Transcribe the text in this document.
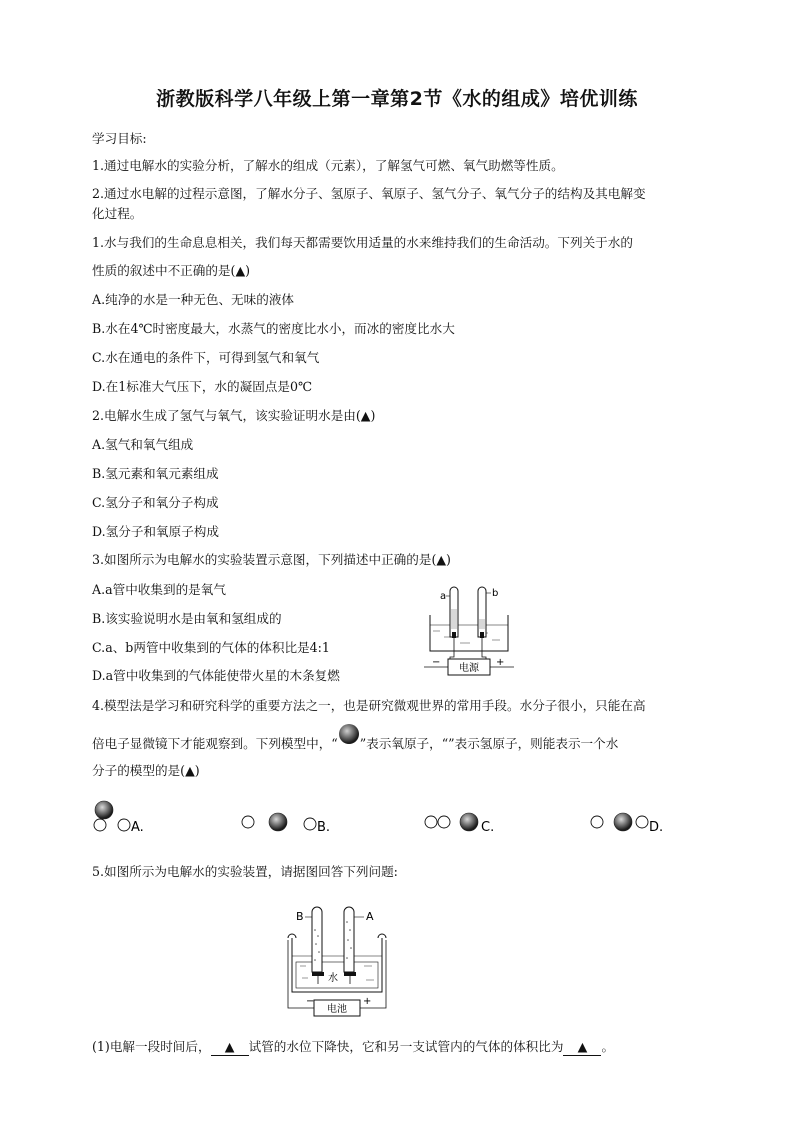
浙教版科学八年级上第一章第2节《水的组成》培优训练
学习目标:
1.通过电解水的实验分析，了解水的组成（元素），了解氢气可燃、氧气助燃等性质。
2.通过水电解的过程示意图，了解水分子、氢原子、氧原子、氢气分子、氧气分子的结构及其电解变
化过程。
1.水与我们的生命息息相关，我们每天都需要饮用适量的水来维持我们的生命活动。下列关于水的
性质的叙述中不正确的是(▲)
A.纯净的水是一种无色、无味的液体
B.水在4℃时密度最大，水蒸气的密度比水小，而冰的密度比水大
C.水在通电的条件下，可得到氢气和氧气
D.在1标准大气压下，水的凝固点是0℃
2.电解水生成了氢气与氧气，该实验证明水是由(▲)
A.氢气和氧气组成
B.氢元素和氧元素组成
C.氢分子和氧分子构成
D.氢分子和氧原子构成
3.如图所示为电解水的实验装置示意图，下列描述中正确的是(▲)
A.a管中收集到的是氧气
B.该实验说明水是由氧和氢组成的
C.a、b两管中收集到的气体的体积比是4:1
D.a管中收集到的气体能使带火星的木条复燃	电源
−	+
a	b
4.模型法是学习和研究科学的重要方法之一，也是研究微观世界的常用手段。水分子很小，只能在高
倍电子显微镜下才能观察到。下列模型中，“ ”表示氧原子，“”表示氢原子，则能表示一个水
分子的模型的是(▲)
A.	B.	C.	D.
5.如图所示为电解水的实验装置，请据图回答下列问题:
水
电池
−	+
B	A
(1)电解一段时间后， ▲ 试管的水位下降快，它和另一支试管内的气体的体积比为 ▲ 。
